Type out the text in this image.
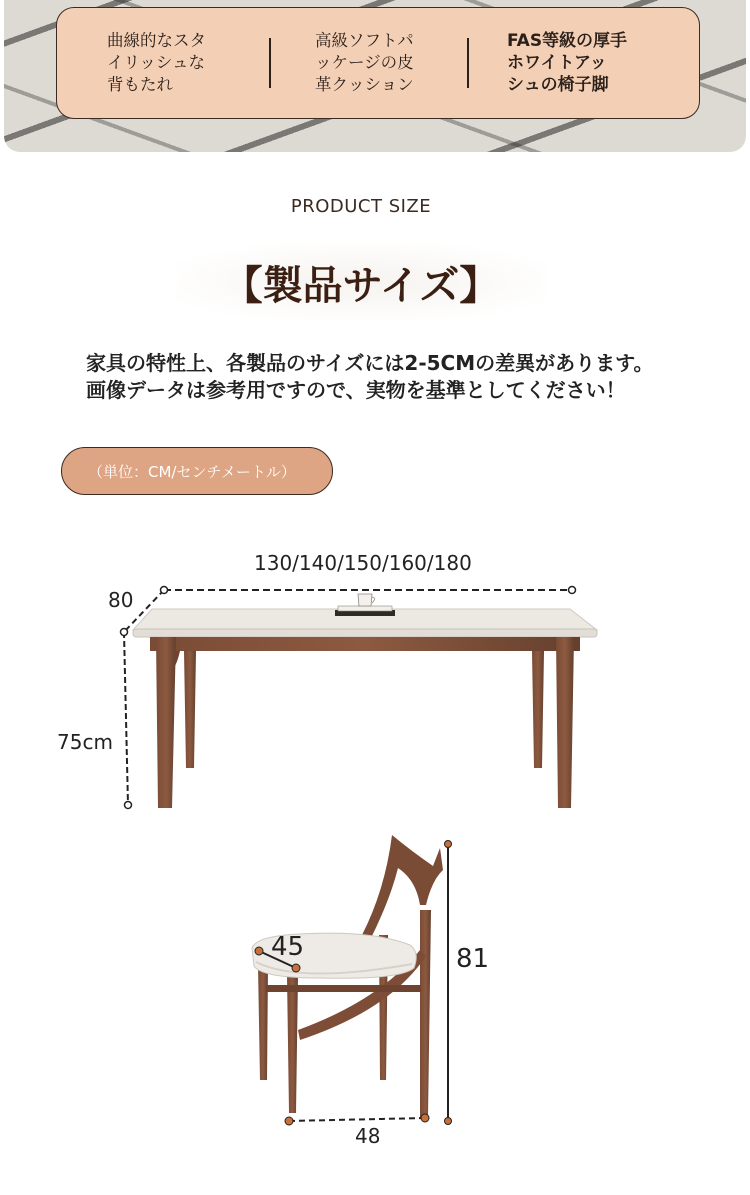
曲線的なスタ
イリッシュな
背もたれ
高級ソフトパ
ッケージの皮
革クッション
FAS等級の厚手
ホワイトアッ
シュの椅子脚
PRODUCT SIZE
【製品サイズ】
家具の特性上、各製品のサイズには2-5CMの差異があります。
画像データは参考用ですので、実物を基準としてください！
（単位：CM/センチメートル）
130/140/150/160/180
80
75cm
81
45
48
